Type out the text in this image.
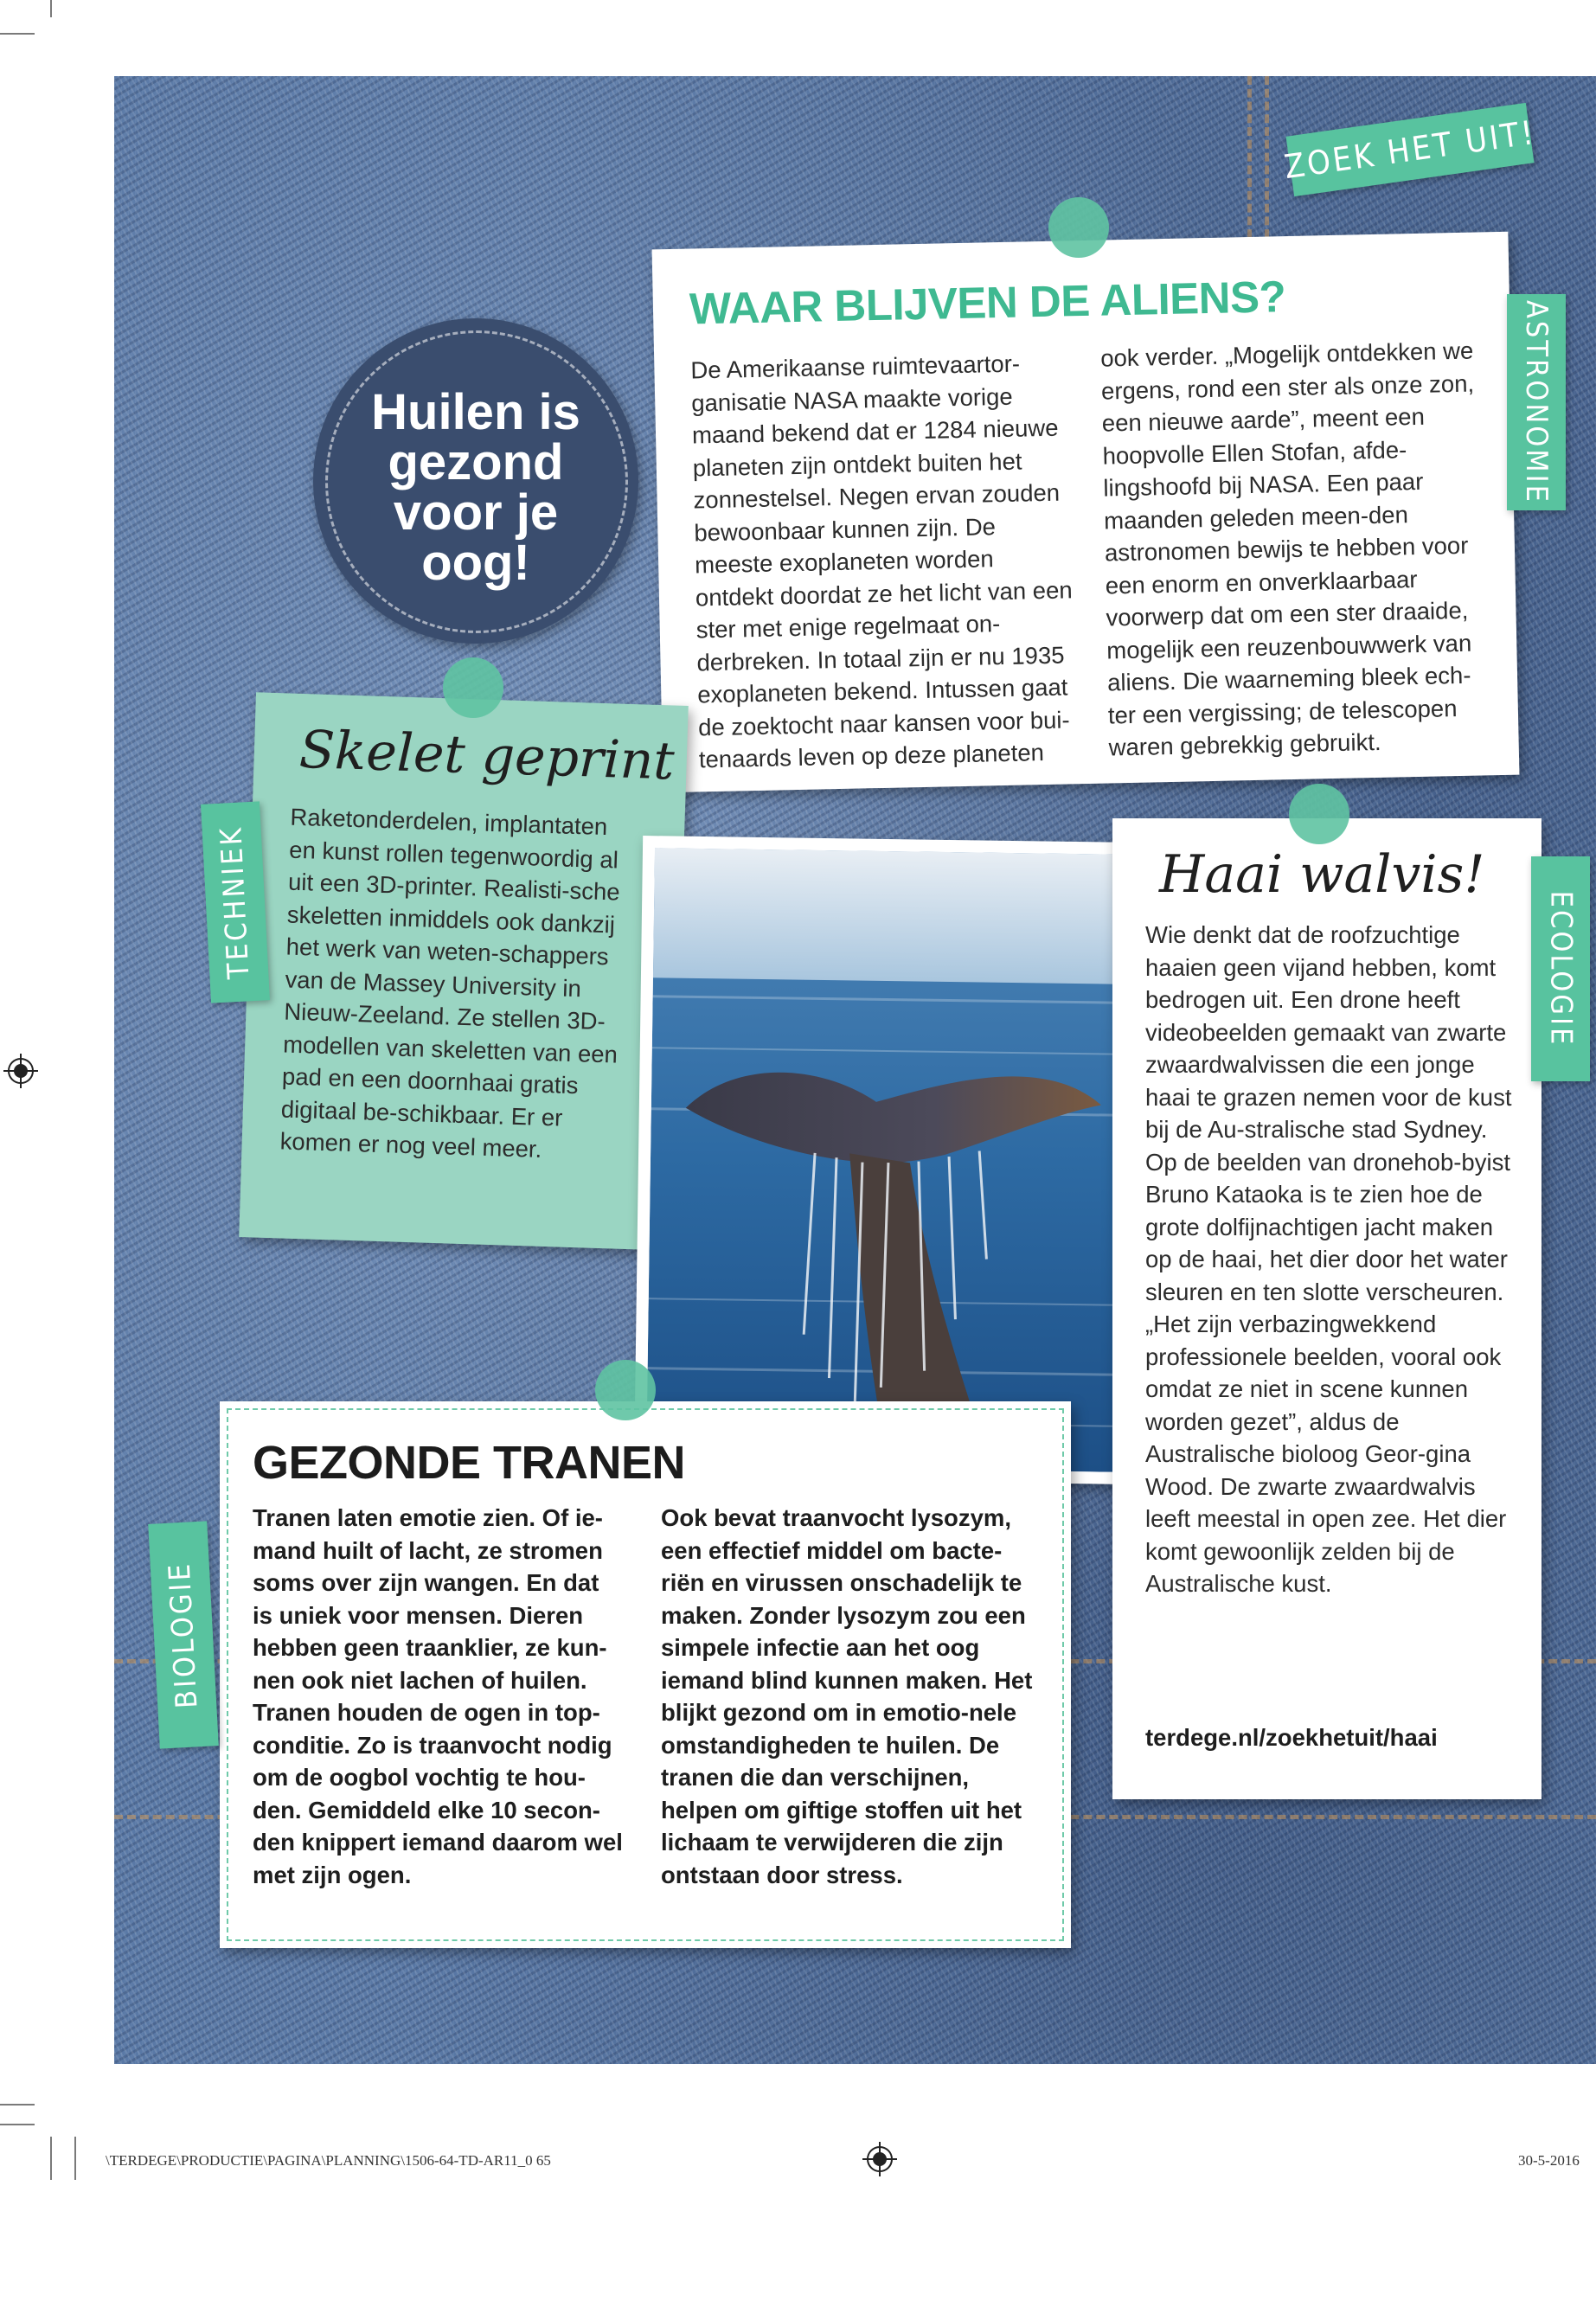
ZOEK HET UIT!
Huilen is gezond voor je oog!
WAAR BLIJVEN DE ALIENS?
De Amerikaanse ruimtevaartor-ganisatie NASA maakte vorige maand bekend dat er 1284 nieuwe planeten zijn ontdekt buiten het zonnestelsel. Negen ervan zouden bewoonbaar kunnen zijn. De meeste exoplaneten worden ontdekt doordat ze het licht van een ster met enige regelmaat on-derbreken. In totaal zijn er nu 1935 exoplaneten bekend. Intussen gaat de zoektocht naar kansen voor bui-tenaards leven op deze planeten
ook verder. „Mogelijk ontdekken we ergens, rond een ster als onze zon, een nieuwe aarde”, meent een hoopvolle Ellen Stofan, afde-lingshoofd bij NASA. Een paar maanden geleden meen-den astronomen bewijs te hebben voor een enorm en onverklaarbaar voorwerp dat om een ster draaide, mogelijk een reuzenbouwwerk van aliens. Die waarneming bleek ech-ter een vergissing; de telescopen waren gebrekkig gebruikt.
ASTRONOMIE
Skelet geprint
Raketonderdelen, implantaten en kunst rollen tegenwoordig al uit een 3D-printer. Realisti-sche skeletten inmiddels ook dankzij het werk van weten-schappers van de Massey University in Nieuw-Zeeland. Ze stellen 3D-modellen van skeletten van een pad en een doornhaai gratis digitaal be-schikbaar. Er er komen er nog veel meer.
TECHNIEK	Haai walvis!
Wie denkt dat de roofzuchtige haaien geen vijand hebben, komt bedrogen uit. Een drone heeft videobeelden gemaakt van zwarte zwaardwalvissen die een jonge haai te grazen nemen voor de kust bij de Au-stralische stad Sydney. Op de beelden van dronehob-byist Bruno Kataoka is te zien hoe de grote dolfijnachtigen jacht maken op de haai, het dier door het water sleuren en ten slotte verscheuren. „Het zijn verbazingwekkend professionele beelden, vooral ook omdat ze niet in scene kunnen worden gezet”, aldus de Australische bioloog Geor-gina Wood. De zwarte zwaardwalvis leeft meestal in open zee. Het dier komt gewoonlijk zelden bij de Australische kust.
terdege.nl/zoekhetuit/haai
ECOLOGIE
GEZONDE TRANEN
Tranen laten emotie zien. Of ie-mand huilt of lacht, ze stromen soms over zijn wangen. En dat is uniek voor mensen. Dieren hebben geen traanklier, ze kun-nen ook niet lachen of huilen. Tranen houden de ogen in top-conditie. Zo is traanvocht nodig om de oogbol vochtig te hou-den. Gemiddeld elke 10 secon-den knippert iemand daarom wel met zijn ogen.
Ook bevat traanvocht lysozym, een effectief middel om bacte-riën en virussen onschadelijk te maken. Zonder lysozym zou een simpele infectie aan het oog iemand blind kunnen maken. Het blijkt gezond om in emotio-nele omstandigheden te huilen. De tranen die dan verschijnen, helpen om giftige stoffen uit het lichaam te verwijderen die zijn ontstaan door stress.
BIOLOGIE
\TERDEGE\PRODUCTIE\PAGINA\PLANNING\1506-64-TD-AR11_0 65	30-5-2016
